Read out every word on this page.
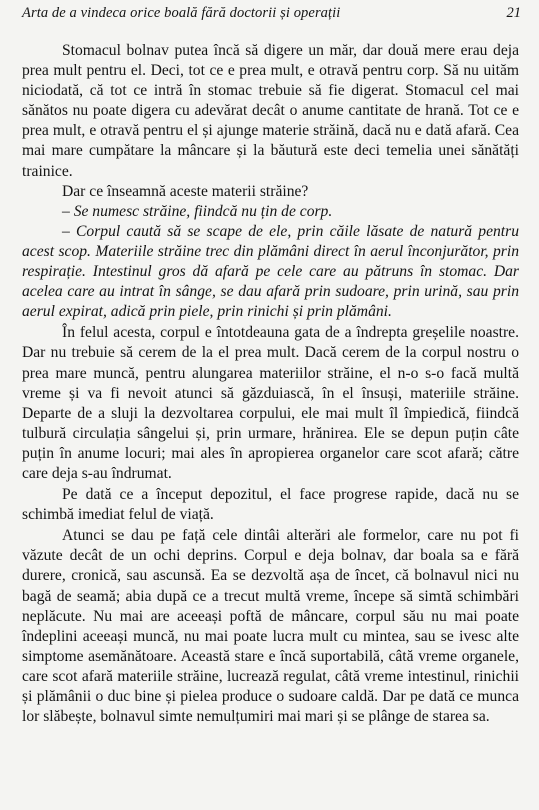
Arta de a vindeca orice boală fără doctorii și operații	21

Stomacul bolnav putea încă să digere un măr, dar două mere erau deja prea mult pentru el. Deci, tot ce e prea mult, e otravă pentru corp. Să nu uităm niciodată, că tot ce intră în stomac trebuie să fie digerat. Stomacul cel mai sănătos nu poate digera cu adevărat decât o anume cantitate de hrană. Tot ce e prea mult, e otravă pentru el și ajunge materie străină, dacă nu e dată afară. Cea mai mare cumpătare la mâncare și la băutură este deci temelia unei sănătăți trainice.

Dar ce înseamnă aceste materii străine?

– Se numesc străine, fiindcă nu țin de corp.

– Corpul caută să se scape de ele, prin căile lăsate de natură pentru acest scop. Materiile străine trec din plămâni direct în aerul înconjurător, prin respirație. Intestinul gros dă afară pe cele care au pătruns în stomac. Dar acelea care au intrat în sânge, se dau afară prin sudoare, prin urină, sau prin aerul expirat, adică prin piele, prin rinichi și prin plămâni.

În felul acesta, corpul e întotdeauna gata de a îndrepta greșelile noastre. Dar nu trebuie să cerem de la el prea mult. Dacă cerem de la corpul nostru o prea mare muncă, pentru alungarea materiilor străine, el n-o s-o facă multă vreme și va fi nevoit atunci să găzduiască, în el însuși, materiile străine. Departe de a sluji la dezvoltarea corpului, ele mai mult îl împiedică, fiindcă tulbură circulația sângelui și, prin urmare, hrănirea. Ele se depun puțin câte puțin în anume locuri; mai ales în apropierea organelor care scot afară; către care deja s-au îndrumat.

Pe dată ce a început depozitul, el face progrese rapide, dacă nu se schimbă imediat felul de viață.

Atunci se dau pe față cele dintâi alterări ale formelor, care nu pot fi văzute decât de un ochi deprins. Corpul e deja bolnav, dar boala sa e fără durere, cronică, sau ascunsă. Ea se dezvoltă așa de încet, că bolnavul nici nu bagă de seamă; abia după ce a trecut multă vreme, începe să simtă schimbări neplăcute. Nu mai are aceeași poftă de mâncare, corpul său nu mai poate îndeplini aceeași muncă, nu mai poate lucra mult cu mintea, sau se ivesc alte simptome asemănătoare. Această stare e încă suportabilă, câtă vreme organele, care scot afară materiile străine, lucrează regulat, câtă vreme intestinul, rinichii și plămânii o duc bine și pielea produce o sudoare caldă. Dar pe dată ce munca lor slăbește, bolnavul simte nemulțumiri mai mari și se plânge de starea sa.
